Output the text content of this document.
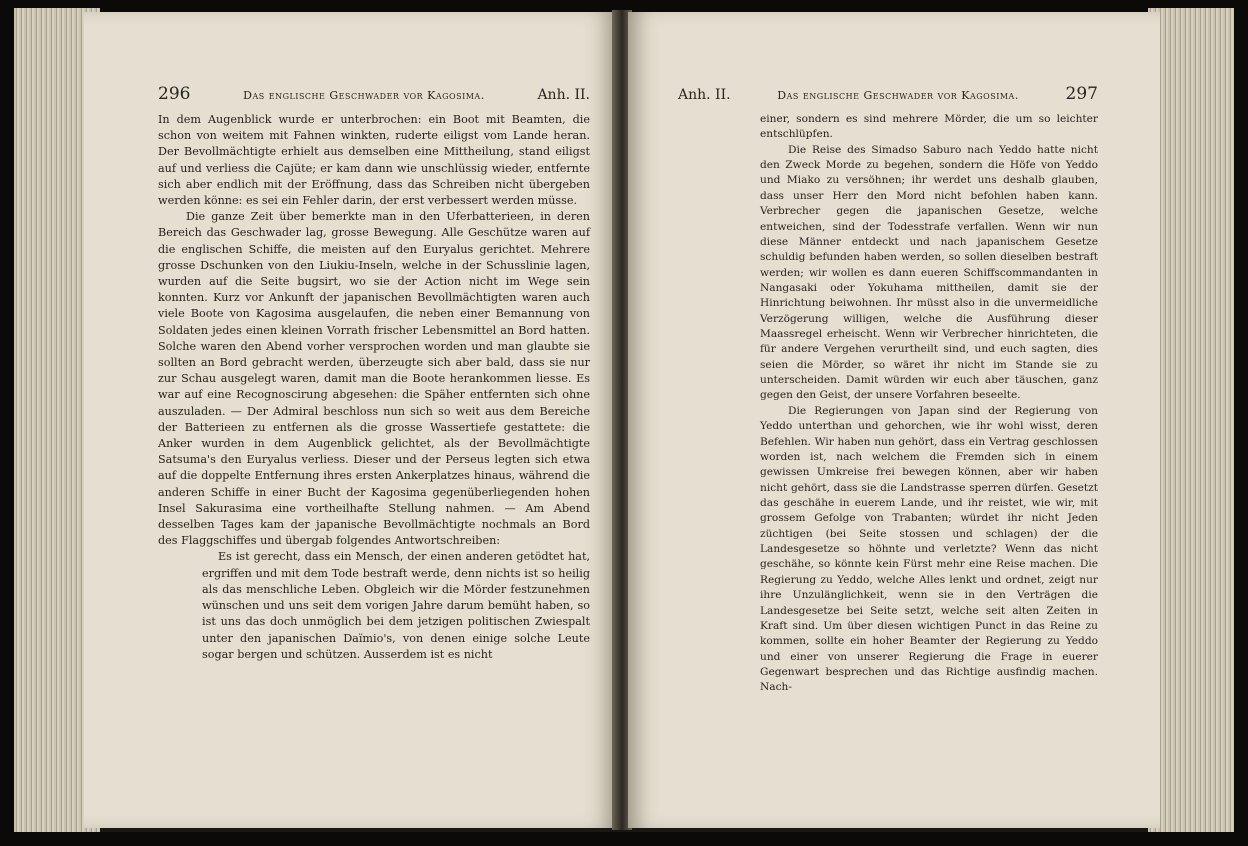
296	Das englische Geschwader vor Kagosima.	Anh. II.

In dem Augenblick wurde er unterbrochen: ein Boot mit Beamten, die schon von weitem mit Fahnen winkten, ruderte eiligst vom Lande heran. Der Bevollmächtigte erhielt aus demselben eine Mittheilung, stand eiligst auf und verliess die Cajüte; er kam dann wie unschlüssig wieder, entfernte sich aber endlich mit der Eröffnung, dass das Schreiben nicht übergeben werden könne: es sei ein Fehler darin, der erst verbessert werden müsse.

Die ganze Zeit über bemerkte man in den Uferbatterieen, in deren Bereich das Geschwader lag, grosse Bewegung. Alle Geschütze waren auf die englischen Schiffe, die meisten auf den Euryalus gerichtet. Mehrere grosse Dschunken von den Liukiu-Inseln, welche in der Schusslinie lagen, wurden auf die Seite bugsirt, wo sie der Action nicht im Wege sein konnten. Kurz vor Ankunft der japanischen Bevollmächtigten waren auch viele Boote von Kagosima ausgelaufen, die neben einer Bemannung von Soldaten jedes einen kleinen Vorrath frischer Lebensmittel an Bord hatten. Solche waren den Abend vorher versprochen worden und man glaubte sie sollten an Bord gebracht werden, überzeugte sich aber bald, dass sie nur zur Schau ausgelegt waren, damit man die Boote herankommen liesse. Es war auf eine Recognoscirung abgesehen: die Späher entfernten sich ohne auszuladen. — Der Admiral beschloss nun sich so weit aus dem Bereiche der Batterieen zu entfernen als die grosse Wassertiefe gestattete: die Anker wurden in dem Augenblick gelichtet, als der Bevollmächtigte Satsuma's den Euryalus verliess. Dieser und der Perseus legten sich etwa auf die doppelte Entfernung ihres ersten Ankerplatzes hinaus, während die anderen Schiffe in einer Bucht der Kagosima gegenüberliegenden hohen Insel Sakurasima eine vortheilhafte Stellung nahmen. — Am Abend desselben Tages kam der japanische Bevollmächtigte nochmals an Bord des Flaggschiffes und übergab folgendes Antwortschreiben:

Es ist gerecht, dass ein Mensch, der einen anderen getödtet hat, ergriffen und mit dem Tode bestraft werde, denn nichts ist so heilig als das menschliche Leben. Obgleich wir die Mörder festzunehmen wünschen und uns seit dem vorigen Jahre darum bemüht haben, so ist uns das doch unmöglich bei dem jetzigen politischen Zwiespalt unter den japanischen Daïmio's, von denen einige solche Leute sogar bergen und schützen. Ausserdem ist es nicht

Anh. II.	Das englische Geschwader vor Kagosima.	297

einer, sondern es sind mehrere Mörder, die um so leichter entschlüpfen.

Die Reise des Simadso Saburo nach Yeddo hatte nicht den Zweck Morde zu begehen, sondern die Höfe von Yeddo und Miako zu versöhnen; ihr werdet uns deshalb glauben, dass unser Herr den Mord nicht befohlen haben kann. Verbrecher gegen die japanischen Gesetze, welche entweichen, sind der Todesstrafe verfallen. Wenn wir nun diese Männer entdeckt und nach japanischem Gesetze schuldig befunden haben werden, so sollen dieselben bestraft werden; wir wollen es dann eueren Schiffscommandanten in Nangasaki oder Yokuhama mittheilen, damit sie der Hinrichtung beiwohnen. Ihr müsst also in die unvermeidliche Verzögerung willigen, welche die Ausführung dieser Maassregel erheischt. Wenn wir Verbrecher hinrichteten, die für andere Vergehen verurtheilt sind, und euch sagten, dies seien die Mörder, so wäret ihr nicht im Stande sie zu unterscheiden. Damit würden wir euch aber täuschen, ganz gegen den Geist, der unsere Vorfahren beseelte.

Die Regierungen von Japan sind der Regierung von Yeddo unterthan und gehorchen, wie ihr wohl wisst, deren Befehlen. Wir haben nun gehört, dass ein Vertrag geschlossen worden ist, nach welchem die Fremden sich in einem gewissen Umkreise frei bewegen können, aber wir haben nicht gehört, dass sie die Landstrasse sperren dürfen. Gesetzt das geschähe in euerem Lande, und ihr reistet, wie wir, mit grossem Gefolge von Trabanten; würdet ihr nicht Jeden züchtigen (bei Seite stossen und schlagen) der die Landesgesetze so höhnte und verletzte? Wenn das nicht geschähe, so könnte kein Fürst mehr eine Reise machen. Die Regierung zu Yeddo, welche Alles lenkt und ordnet, zeigt nur ihre Unzulänglichkeit, wenn sie in den Verträgen die Landesgesetze bei Seite setzt, welche seit alten Zeiten in Kraft sind. Um über diesen wichtigen Punct in das Reine zu kommen, sollte ein hoher Beamter der Regierung zu Yeddo und einer von unserer Regierung die Frage in euerer Gegenwart besprechen und das Richtige ausfindig machen. Nach-
